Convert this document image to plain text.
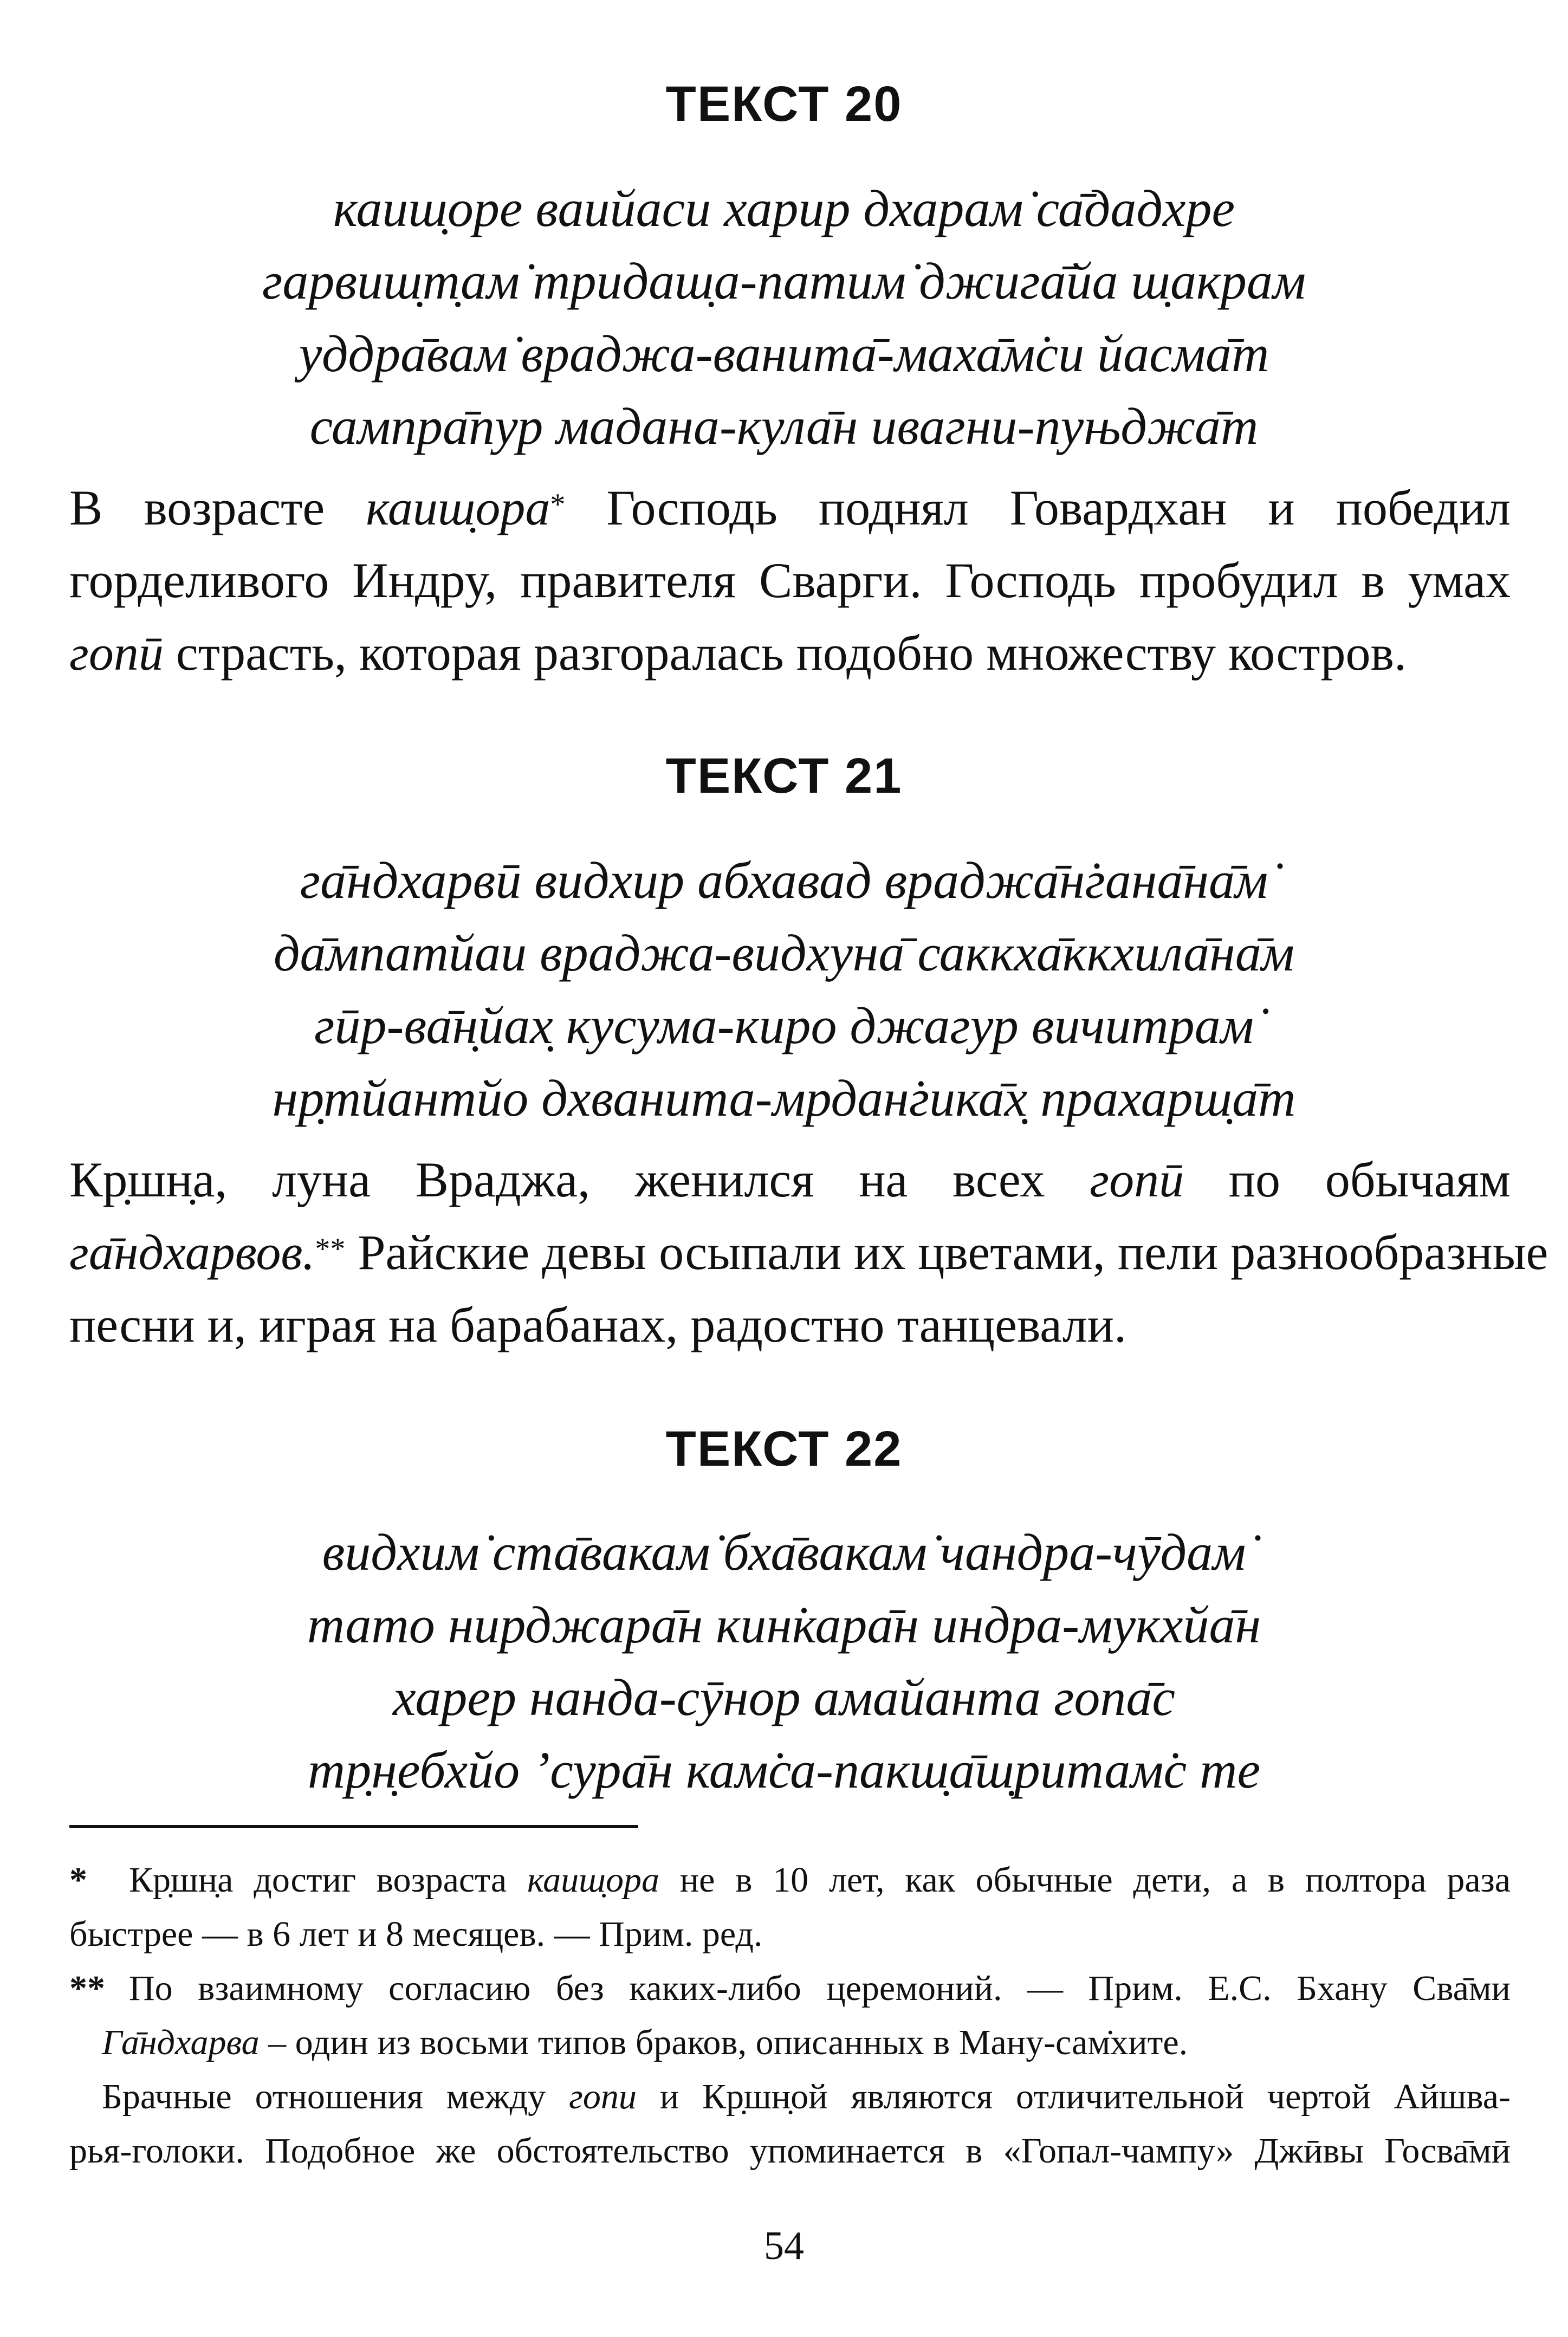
ТЕКСТ 20
каиш̣оре ваийаси харир дхарам̇ са̄дадхре
гарвиш̣т̣ам̇ тридаш̣а-патим̇ джига̄йа ш̣акрам
уддра̄вам̇ враджа-ванита̄-маха̄м̇си йасма̄т
сампра̄пур мадана-кула̄н ивагни-пуњджа̄т
В возрасте каиш̣ора* Господь поднял Говардхан и победил
горделивого Индру, правителя Сварги. Господь пробудил в умах
гопӣ страсть, которая разгоралась подобно множеству костров.
ТЕКСТ 21
га̄ндхарвӣ видхир абхавад враджа̄н̇гана̄на̄м̇
да̄мпатйаи враджа-видхуна̄ саккха̄ккхила̄на̄м
гӣр-ва̄н̣йах̣ кусума-киро джагур вичитрам̇
нр̣тйантйо дхванита-мрдан̇гика̄х̣ прахарш̣а̄т
Кр̣шн̣а, луна Враджа, женился на всех гопӣ по обычаям
га̄ндхарвов.** Райские девы осыпали их цветами, пели разнообразные
песни и, играя на барабанах, радостно танцевали.
ТЕКСТ 22
видхим̇ ста̄вакам̇ бха̄вакам̇ чандра-чӯдам̇
тато нирджара̄н кин̇кара̄н индра-мукхйа̄н
харер нанда-сӯнор амайанта гопа̄с
тр̣н̣ебхйо ’сура̄н кам̇са-пакш̣а̄ш̣ритам̇с те
* Кр̣шн̣а достиг возраста каиш̣ора не в 10 лет, как обычные дети, а в полтора раза
быстрее — в 6 лет и 8 месяцев. — Прим. ред.
** По взаимному согласию без каких-либо церемоний. — Прим. Е.С. Бхану Сва̄ми
Га̄ндхарва – один из восьми типов браков, описанных в Ману-сам̇хите.
Брачные отношения между гопи и Кр̣шн̣ой являются отличительной чертой Айшва-
рья-голоки. Подобное же обстоятельство упоминается в «Гопал-чампу» Джӣвы Госва̄мӣ
54
